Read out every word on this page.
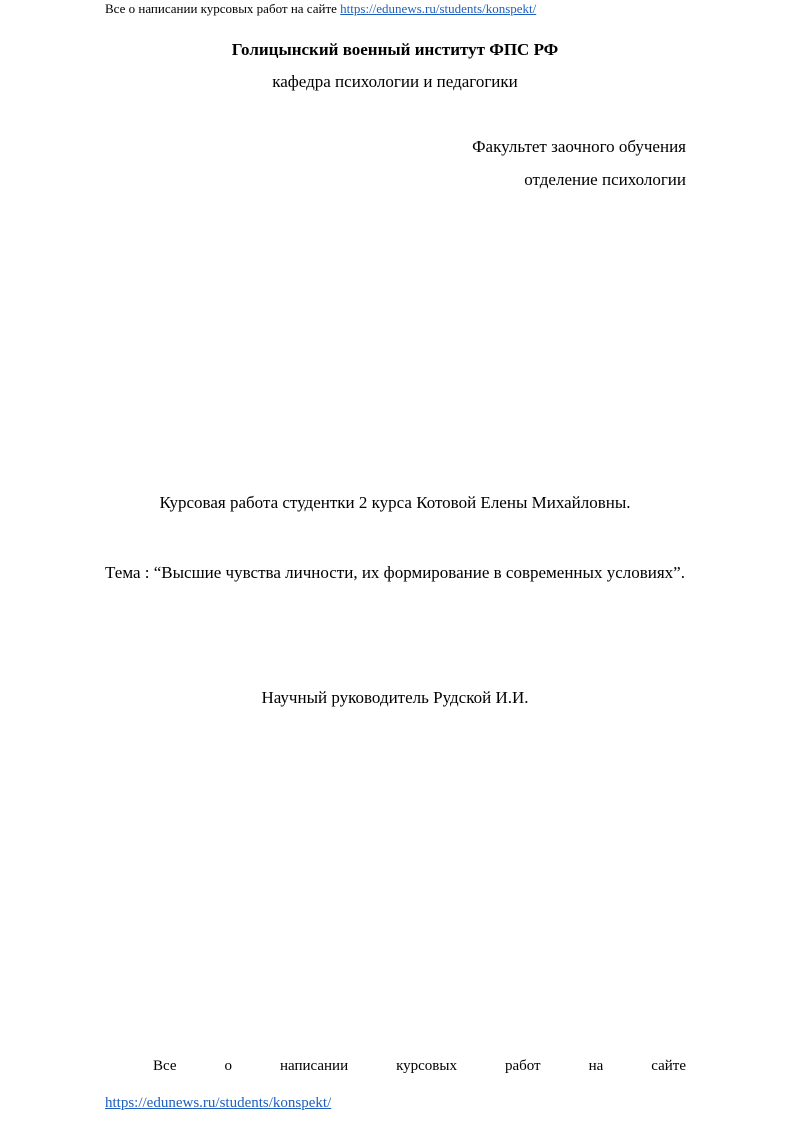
Все о написании курсовых работ на сайте https://edunews.ru/students/konspekt/
Голицынский военный институт ФПС РФ
кафедра психологии и педагогики
Факультет заочного обучения
отделение психологии
Курсовая работа студентки 2 курса Котовой Елены Михайловны.
Тема : “Высшие чувства личности, их формирование в современных условиях”.
Научный руководитель Рудской И.И.
Все о написании курсовых работ на сайте
https://edunews.ru/students/konspekt/
